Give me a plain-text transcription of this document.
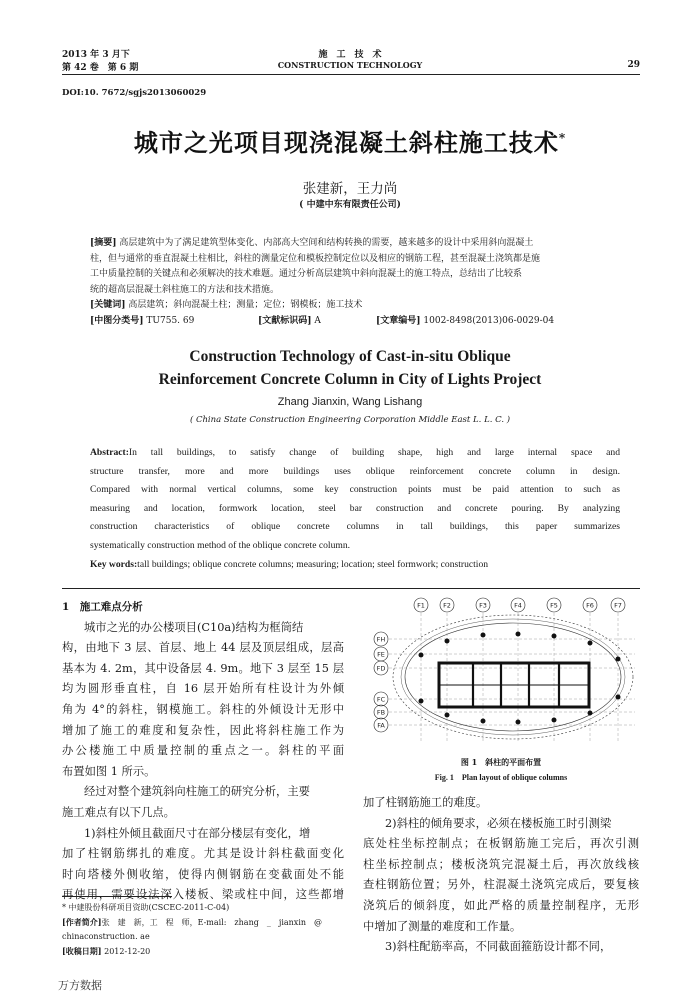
2013 年 3 月下
第 42 卷　第 6 期
施　工　技　术
CONSTRUCTION TECHNOLOGY	29
DOI:10. 7672/sgjs2013060029
城市之光项目现浇混凝土斜柱施工技术*
张建新，王力尚
( 中建中东有限责任公司)
[摘要] 高层建筑中为了满足建筑型体变化、内部高大空间和结构转换的需要，越来越多的设计中采用斜向混凝土
柱，但与通常的垂直混凝土柱相比，斜柱的测量定位和模板控制定位以及相应的钢筋工程，甚至混凝土浇筑都是施
工中质量控制的关键点和必须解决的技术难题。通过分析高层建筑中斜向混凝土的施工特点，总结出了比较系
统的超高层混凝土斜柱施工的方法和技术措施。
[关键词] 高层建筑；斜向混凝土柱；测量；定位；钢模板；施工技术
[中图分类号] TU755. 69	[文献标识码] A	[文章编号] 1002-8498(2013)06-0029-04
Construction Technology of Cast-in-situ Oblique
Reinforcement Concrete Column in City of Lights Project
Zhang Jianxin, Wang Lishang
( China State Construction Engineering Corporation Middle East L. L. C. )
Abstract:In tall buildings, to satisfy change of building shape, high and large internal space and
structure transfer, more and more buildings uses oblique reinforcement concrete column in design.
Compared with normal vertical columns, some key construction points must be paid attention to such as
measuring and location, formwork location, steel bar construction and concrete pouring. By analyzing
construction characteristics of oblique concrete columns in tall buildings, this paper summarizes
systematically construction method of the oblique concrete column.
Key words:tall buildings; oblique concrete columns; measuring; location; steel formwork; construction
1　 施工难点分析
城市之光的办公楼项目(C10a)结构为框筒结
构，由地下 3 层、首层、地上 44 层及顶层组成，层高
基本为 4. 2m，其中设备层 4. 9m。地下 3 层至 15 层
均为圆形垂直柱，自 16 层开始所有柱设计为外倾
角为 4°的斜柱，钢模施工。斜柱的外倾设计无形中
增加了施工的难度和复杂性，因此将斜柱施工作为
办公楼施工中质量控制的重点之一。斜柱的平面
布置如图 1 所示。
经过对整个建筑斜向柱施工的研究分析，主要
施工难点有以下几点。
1)斜柱外倾且截面尺寸在部分楼层有变化，增
加了柱钢筋绑扎的难度。尤其是设计斜柱截面变化
时向塔楼外侧收缩，使得内侧钢筋在变截面处不能
再使用，需要设法深入楼板、梁或柱中间，这些都增
* 中建股份科研项目资助(CSCEC-2011-C-04)
[作者简介]张　建　新，工　程　师，E-mail:　zhang　_　jianxin　@
chinaconstruction. ae
[收稿日期] 2012-12-20
F1	F2	F3	F4	F5	F6	F7
FH
FE
FD
FC
FB
FA
图 1　斜柱的平面布置
Fig. 1　Plan layout of oblique columns
加了柱钢筋施工的难度。
2)斜柱的倾角要求，必须在楼板施工时引测梁
底处柱坐标控制点；在板钢筋施工完后，再次引测
柱坐标控制点；楼板浇筑完混凝土后，再次放线核
查柱钢筋位置；另外，柱混凝土浇筑完成后，要复核
浇筑后的倾斜度，如此严格的质量控制程序，无形
中增加了测量的难度和工作量。
3)斜柱配筋率高，不同截面箍筋设计都不同，
万方数据
